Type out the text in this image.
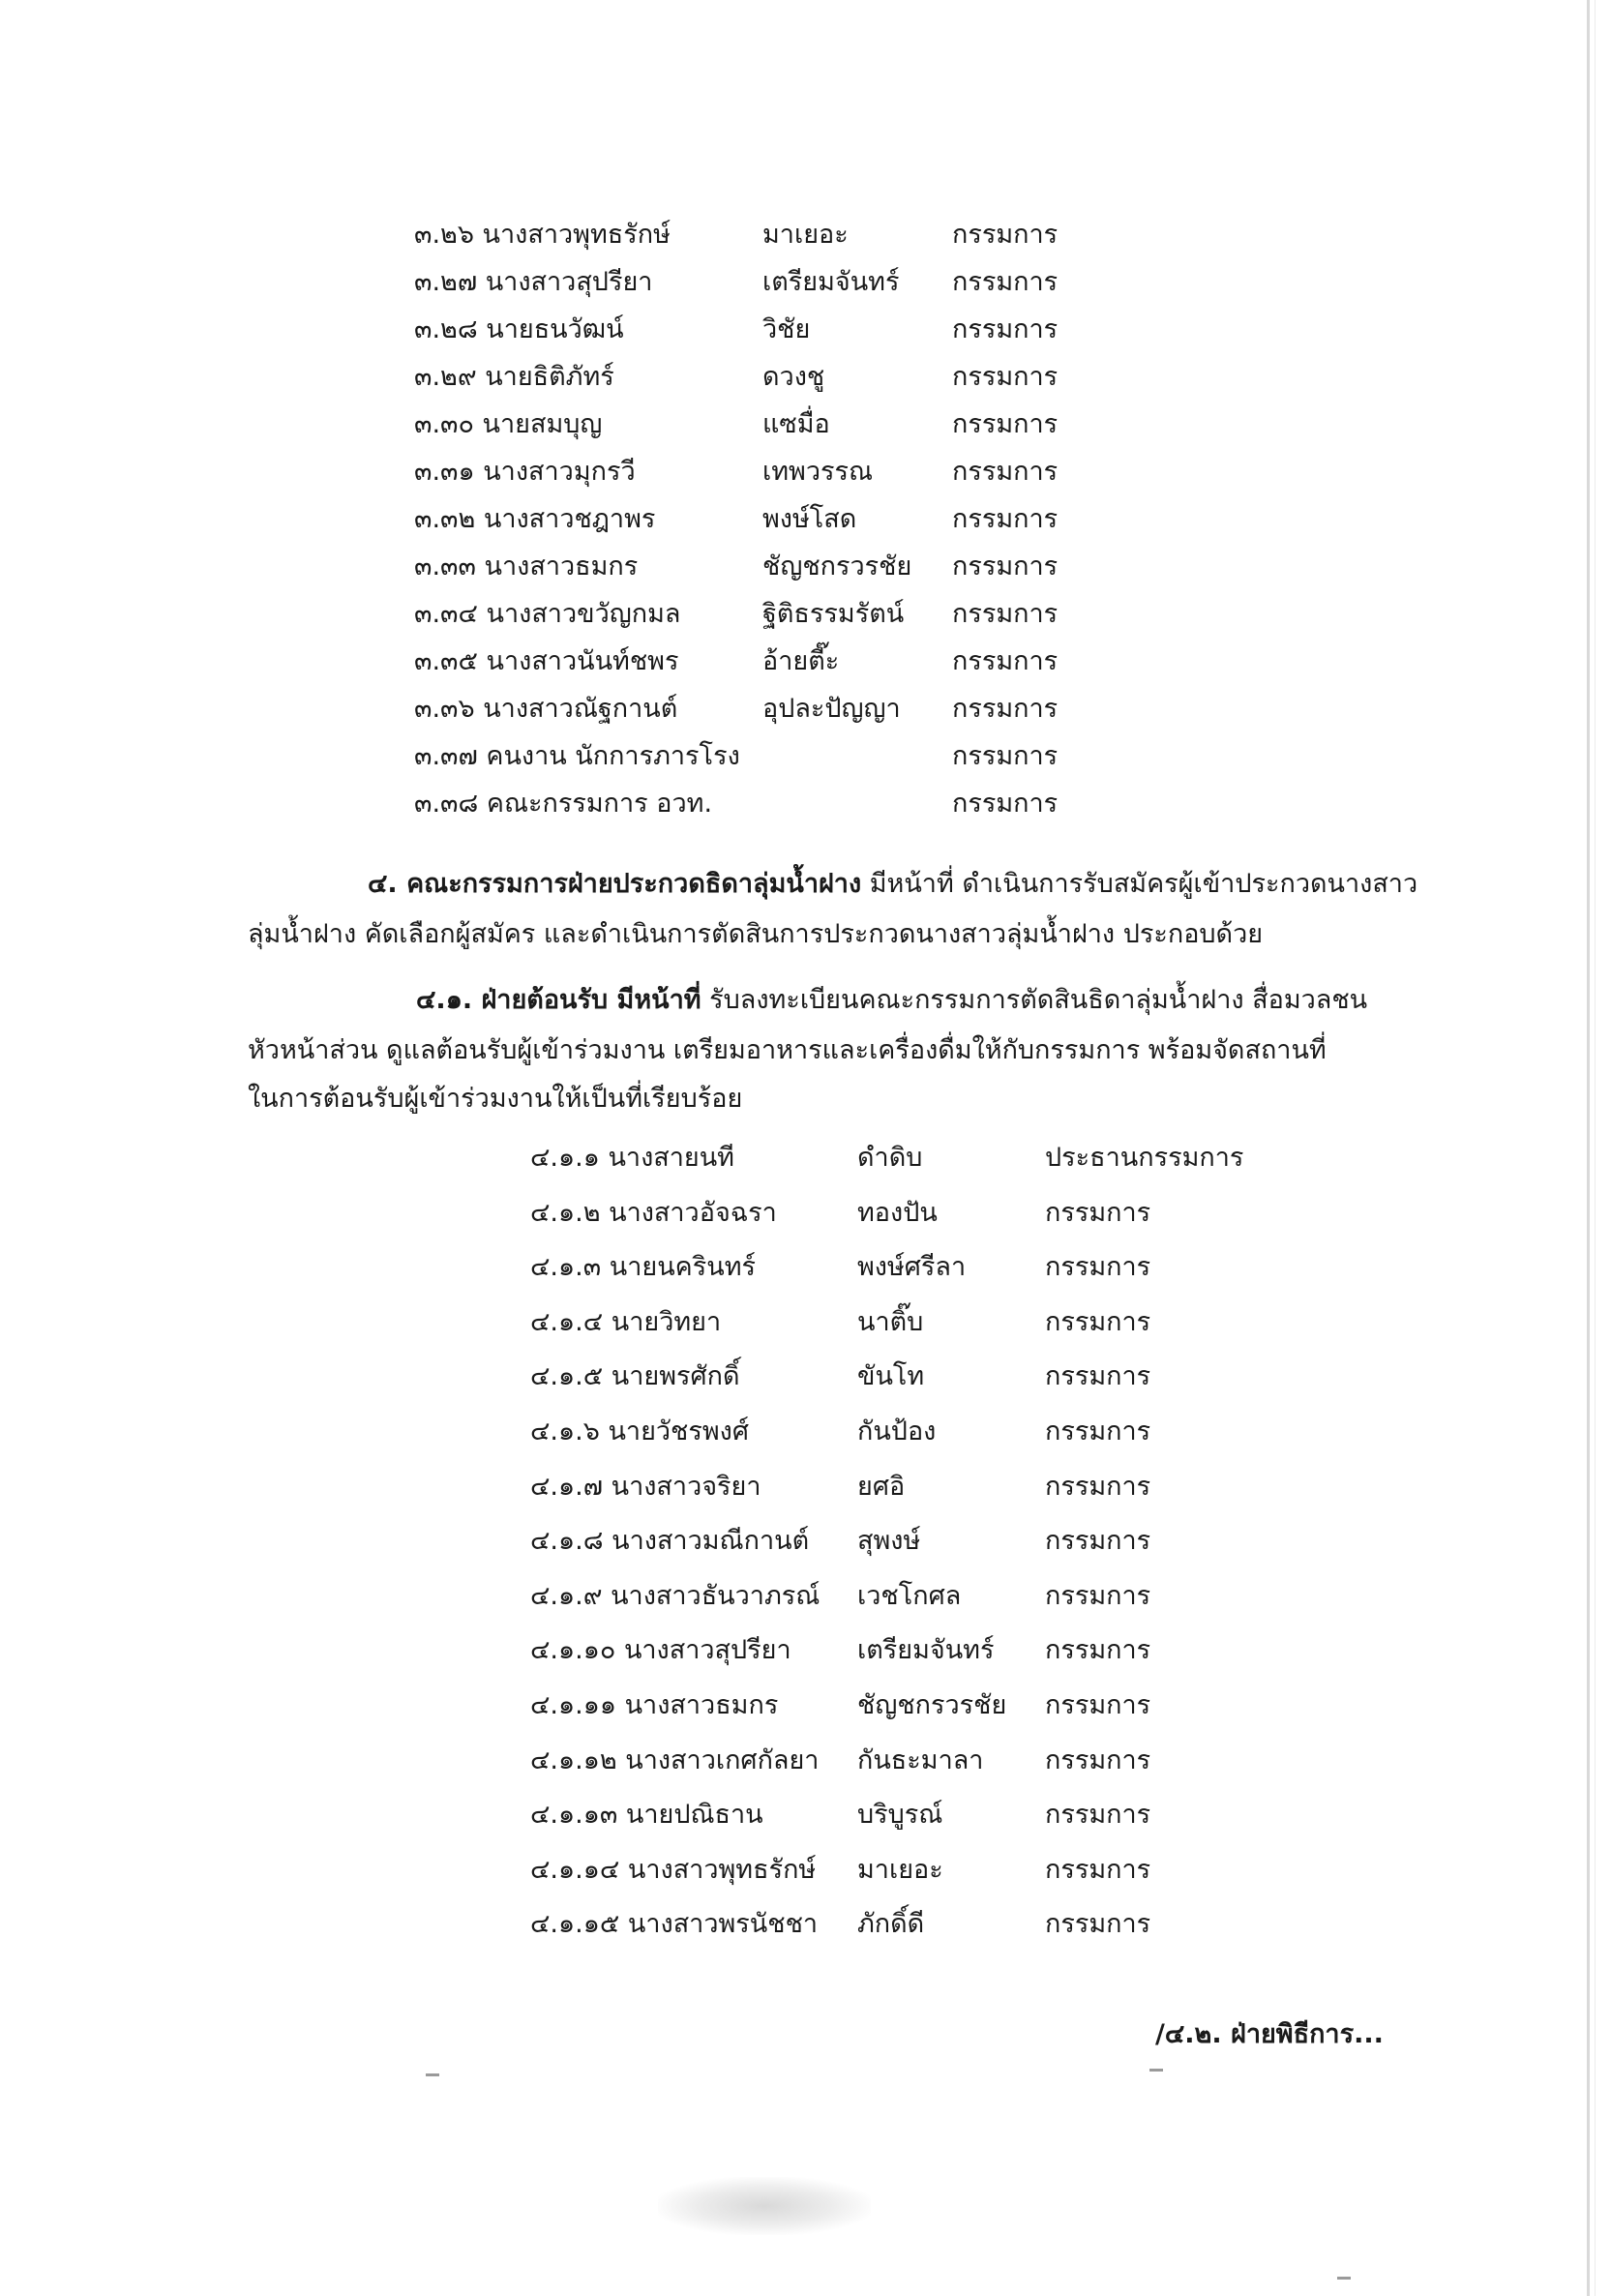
๓.๒๖ นางสาวพุทธรักษ์	มาเยอะ	กรรมการ
๓.๒๗ นางสาวสุปรียา	เตรียมจันทร์ กรรมการ
๓.๒๘ นายธนวัฒน์	วิชัย	กรรมการ
๓.๒๙ นายธิติภัทร์	ดวงชู	กรรมการ
๓.๓๐ นายสมบุญ	แซมื่อ	กรรมการ
๓.๓๑ นางสาวมุกรวี	เทพวรรณ	กรรมการ
๓.๓๒ นางสาวชฎาพร	พงษ์โสด	กรรมการ
๓.๓๓ นางสาวธมกร	ชัญชกรวรชัย กรรมการ
๓.๓๔ นางสาวขวัญกมล	ฐิติธรรมรัตน์ กรรมการ
๓.๓๕ นางสาวนันท์ชพร	อ้ายตี๊ะ	กรรมการ
๓.๓๖ นางสาวณัฐกานต์	อุปละปัญญา กรรมการ
๓.๓๗ คนงาน นักการภารโรง	กรรมการ
๓.๓๘ คณะกรรมการ อวท.	กรรมการ
๔. คณะกรรมการฝ่ายประกวดธิดาลุ่มน้ำฝาง มีหน้าที่ ดำเนินการรับสมัครผู้เข้าประกวดนางสาว
ลุ่มน้ำฝาง คัดเลือกผู้สมัคร และดำเนินการตัดสินการประกวดนางสาวลุ่มน้ำฝาง ประกอบด้วย
๔.๑. ฝ่ายต้อนรับ มีหน้าที่ รับลงทะเบียนคณะกรรมการตัดสินธิดาลุ่มน้ำฝาง สื่อมวลชน
หัวหน้าส่วน ดูแลต้อนรับผู้เข้าร่วมงาน เตรียมอาหารและเครื่องดื่มให้กับกรรมการ พร้อมจัดสถานที่
ในการต้อนรับผู้เข้าร่วมงานให้เป็นที่เรียบร้อย
๔.๑.๑ นางสายนที	ดำดิบ	ประธานกรรมการ
๔.๑.๒ นางสาวอัจฉรา	ทองปัน	กรรมการ
๔.๑.๓ นายนครินทร์	พงษ์ศรีลา	กรรมการ
๔.๑.๔ นายวิทยา	นาติ๊บ	กรรมการ
๔.๑.๕ นายพรศักดิ์	ขันโท	กรรมการ
๔.๑.๖ นายวัชรพงศ์	กันป้อง	กรรมการ
๔.๑.๗ นางสาวจริยา	ยศอิ	กรรมการ
๔.๑.๘ นางสาวมณีกานต์ สุพงษ์	กรรมการ
๔.๑.๙ นางสาวธันวาภรณ์ เวชโกศล	กรรมการ
๔.๑.๑๐ นางสาวสุปรียา	เตรียมจันทร์ กรรมการ
๔.๑.๑๑ นางสาวธมกร	ชัญชกรวรชัย กรรมการ
๔.๑.๑๒ นางสาวเกศกัลยา กันธะมาลา กรรมการ
๔.๑.๑๓ นายปณิธาน	บริบูรณ์	กรรมการ
๔.๑.๑๔ นางสาวพุทธรักษ์ มาเยอะ	กรรมการ
๔.๑.๑๕ นางสาวพรนัชชา ภักดิ์ดี	กรรมการ
/๔.๒. ฝ่ายพิธีการ...
